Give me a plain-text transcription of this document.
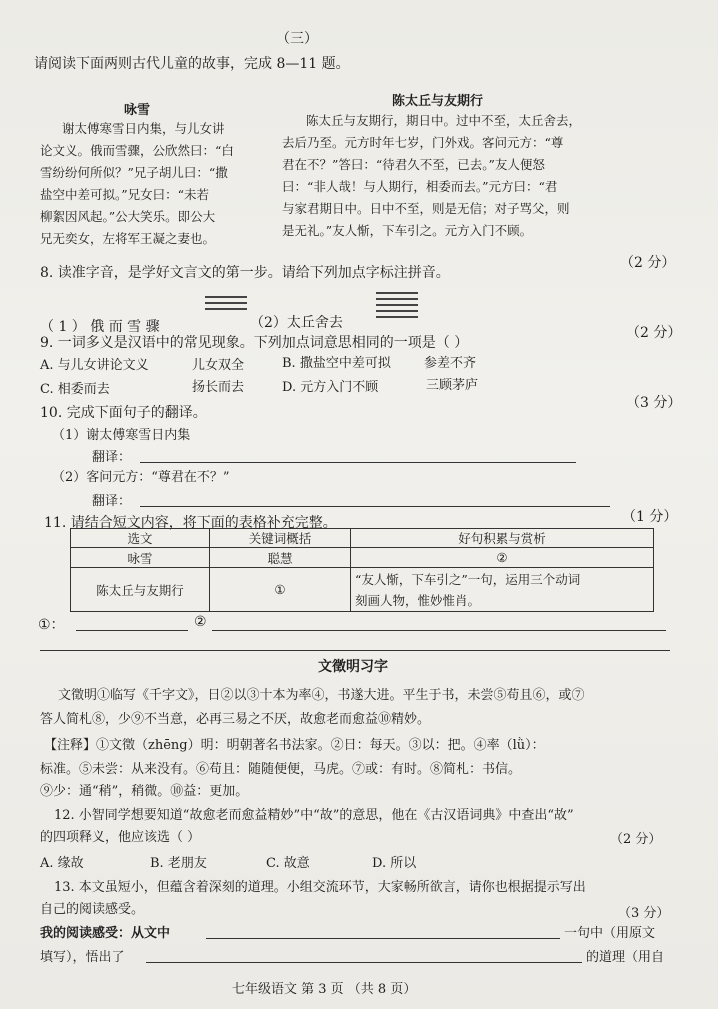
（三）
请阅读下面两则古代儿童的故事，完成 8—11 题。
咏雪
谢太傅寒雪日内集，与儿女讲
论文义。俄而雪骤，公欣然曰：“白
雪纷纷何所似？”兄子胡儿曰：“撒
盐空中差可拟。”兄女曰：“未若
柳絮因风起。”公大笑乐。即公大
兄无奕女，左将军王凝之妻也。
陈太丘与友期行
陈太丘与友期行，期日中。过中不至，太丘舍去，
去后乃至。元方时年七岁，门外戏。客问元方：“尊
君在不？”答曰：“待君久不至，已去。”友人便怒
曰：“非人哉！与人期行，相委而去。”元方曰：“君
与家君期日中。日中不至，则是无信；对子骂父，则
是无礼。”友人惭，下车引之。元方入门不顾。
8. 读准字音，是学好文言文的第一步。请给下列加点字标注拼音。
（2 分）
（ 1 ） 俄 而 雪 骤	（2）太丘舍去
9. 一词多义是汉语中的常见现象。下列加点词意思相同的一项是（ ）
（2 分）
A. 与儿女讲论文义	儿女双全	B. 撒盐空中差可拟	参差不齐
C. 相委而去	扬长而去	D. 元方入门不顾	三顾茅庐
10. 完成下面句子的翻译。
（3 分）
（1）谢太傅寒雪日内集
翻译：
（2）客问元方：“尊君在不？”
翻译：
11. 请结合短文内容，将下面的表格补充完整。	（1 分）
选文	关键词概括	好句积累与赏析
咏雪	聪慧	②
陈太丘与友期行	①	“友人惭，下车引之”一句，运用三个动词
刻画人物，惟妙惟肖。
①：	②
文徵明习字
文徵明①临写《千字文》，日②以③十本为率④，书遂大进。平生于书，未尝⑤苟且⑥，或⑦
答人简札⑧，少⑨不当意，必再三易之不厌，故愈老而愈益⑩精妙。
【注释】①文徵（zhēng）明：明朝著名书法家。②日：每天。③以：把。④率（lǜ）：
标准。⑤未尝：从来没有。⑥苟且：随随便便，马虎。⑦或：有时。⑧简札：书信。
⑨少：通“稍”，稍微。⑩益：更加。
12. 小智同学想要知道“故愈老而愈益精妙”中“故”的意思，他在《古汉语词典》中查出“故”
的四项释义，他应该选（ ）	（2 分）
A. 缘故	B. 老朋友	C. 故意	D. 所以
13. 本文虽短小，但蕴含着深刻的道理。小组交流环节，大家畅所欲言，请你也根据提示写出
自己的阅读感受。	（3 分）
我的阅读感受：从文中	一句中（用原文
填写），悟出了	的道理（用自
七年级语文 第 3 页 （共 8 页）
